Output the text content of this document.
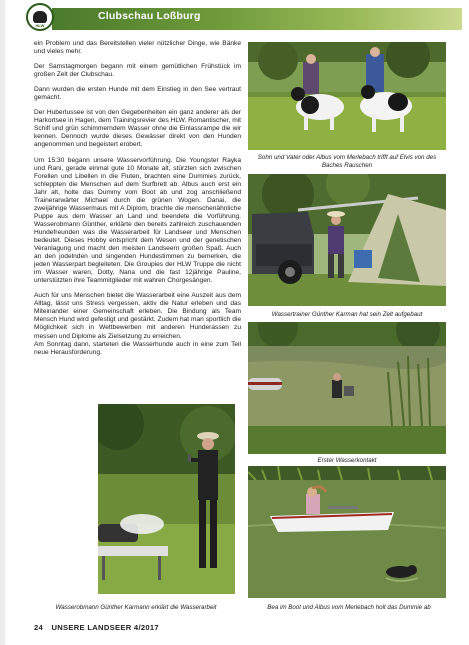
Clubschau Loßburg
HLW

ein Problem und das Bereitstellen vieler nützlicher Dinge, wie Bänke und vieles mehr.

Der Samstagmorgen begann mit einem gemütlichen Frühstück im großen Zelt der Clubschau.

Dann wurden die ersten Hunde mit dem Einstieg in den See vertraut gemacht.

Der Hubertussee ist von den Gegebenheiten ein ganz anderer als der Harkortsee in Hagen, dem Trainingsrevier des HLW. Romantischer, mit Schilf und grün schimmerndem Wasser ohne die Einlassrampe die wir kennen. Dennoch wurde dieses Gewässer direkt von den Hunden angenommen und begeistert erobert.

Um 15:30 begann unsere Wasservorführung. Die Youngster Rayka und Rani, gerade einmal gute 10 Monate alt, stürzten sich zwischen Forellen und Libellen in die Fluten, brachten eine Dummies zurück, schleppten die Menschen auf dem Surfbrett ab. Albus auch erst ein Jahr alt, holte das Dummy vom Boot ab und zog anschließend Trainerarwärter Michael durch die grünen Wogen. Danai, die zweijährige Wassermaus mit A Diplom, brachte die menschenähnliche Puppe aus dem Wasser an Land und beendete die Vorführung. Wasserobmann Günther, erklärte den bereits zahlreich zuschauenden Hundefreunden was die Wasserarbeit für Landseer und Menschen bedeutet. Dieses Hobby entspricht dem Wesen und der genetischen Veranlagung und macht den meisten Landseern großen Spaß. Auch an den jodelnden und singenden Hundestimmen zu bemerken, die jeden Wasserpart begleiteten. Die Groupies der HLW Truppe die nicht im Wasser waren, Dotty, Nana und die fast 12jährige Pauline, unterstützten ihre Teammitglieder mit wahren Chorgesängen.

Auch für uns Menschen bietet die Wasserarbeit eine Auszeit aus dem Alltag, lässt uns Stress vergessen, aktiv die Natur erleben und das Miteinander einer Gemeinschaft erleben. Die Bindung als Team Mensch Hund wird gefestigt und gestärkt. Zudem hat man sportlich die Möglichkeit sich in Wettbewerben mit anderen Hunderassen zu messen und Diplome als Zielsetzung zu erreichen.

Am Sonntag dann, starteten die Wasserhunde auch in eine zum Teil neue Herausforderung.

Sohn und Vater oder Albus vom Merlebach trifft auf Elvis von des Baches Rauschen
Wassertrainer Günther Karman hat sein Zelt aufgebaut
Erster Wasserkontakt
Wasserobmann Günther Karmann erklärt die Wasserarbeit	Bea im Boot und Albus vom Merlebach holt das Dummie ab
24 UNSERE LANDSEER 4/2017
